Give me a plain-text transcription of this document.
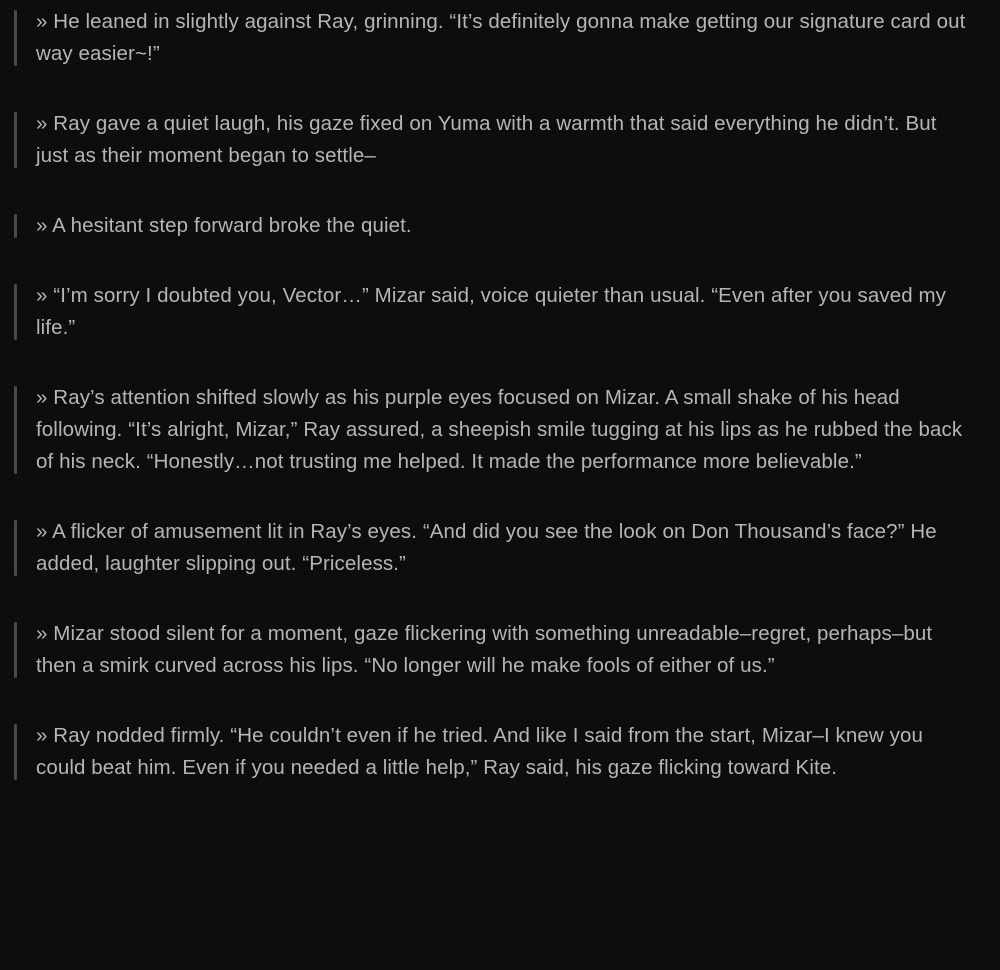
» He leaned in slightly against Ray, grinning. “It’s definitely gonna make getting our signature card out way easier~!”

» Ray gave a quiet laugh, his gaze fixed on Yuma with a warmth that said everything he didn’t. But just as their moment began to settle–

» A hesitant step forward broke the quiet.

» “I’m sorry I doubted you, Vector…” Mizar said, voice quieter than usual. “Even after you saved my life.”

» Ray’s attention shifted slowly as his purple eyes focused on Mizar. A small shake of his head following. “It’s alright, Mizar,” Ray assured, a sheepish smile tugging at his lips as he rubbed the back of his neck. “Honestly…not trusting me helped. It made the performance more believable.”

» A flicker of amusement lit in Ray’s eyes. “And did you see the look on Don Thousand’s face?” He added, laughter slipping out. “Priceless.”

» Mizar stood silent for a moment, gaze flickering with something unreadable–regret, perhaps–but then a smirk curved across his lips. “No longer will he make fools of either of us.”

» Ray nodded firmly. “He couldn’t even if he tried. And like I said from the start, Mizar–I knew you could beat him. Even if you needed a little help,” Ray said, his gaze flicking toward Kite.
